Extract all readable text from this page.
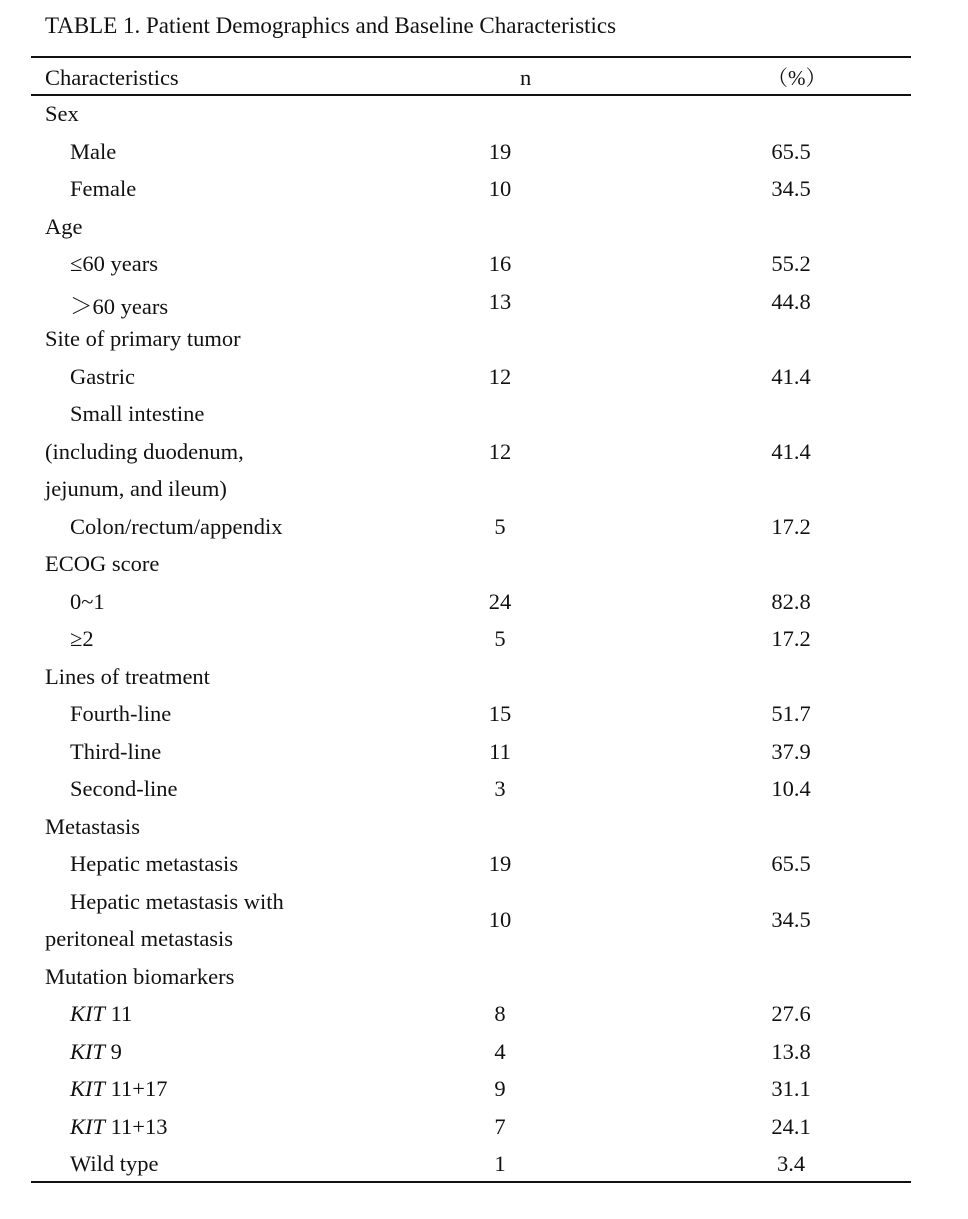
TABLE 1. Patient Demographics and Baseline Characteristics
Characteristics	n	（%）
Sex
Male	19	65.5
Female	10	34.5
Age
≤60 years	16	55.2
＞60 years	13	44.8
Site of primary tumor
Gastric	12	41.4
Small intestine
(including duodenum,
jejunum, and ileum)
12	41.4
Colon/rectum/appendix	5	17.2
ECOG score
0~1	24	82.8
≥2	5	17.2
Lines of treatment
Fourth-line	15	51.7
Third-line	11	37.9
Second-line	3	10.4
Metastasis
Hepatic metastasis	19	65.5
Hepatic metastasis with
peritoneal metastasis
10	34.5
Mutation biomarkers
KIT 11	8	27.6
KIT 9	4	13.8
KIT 11+17	9	31.1
KIT 11+13	7	24.1
Wild type	1	3.4
